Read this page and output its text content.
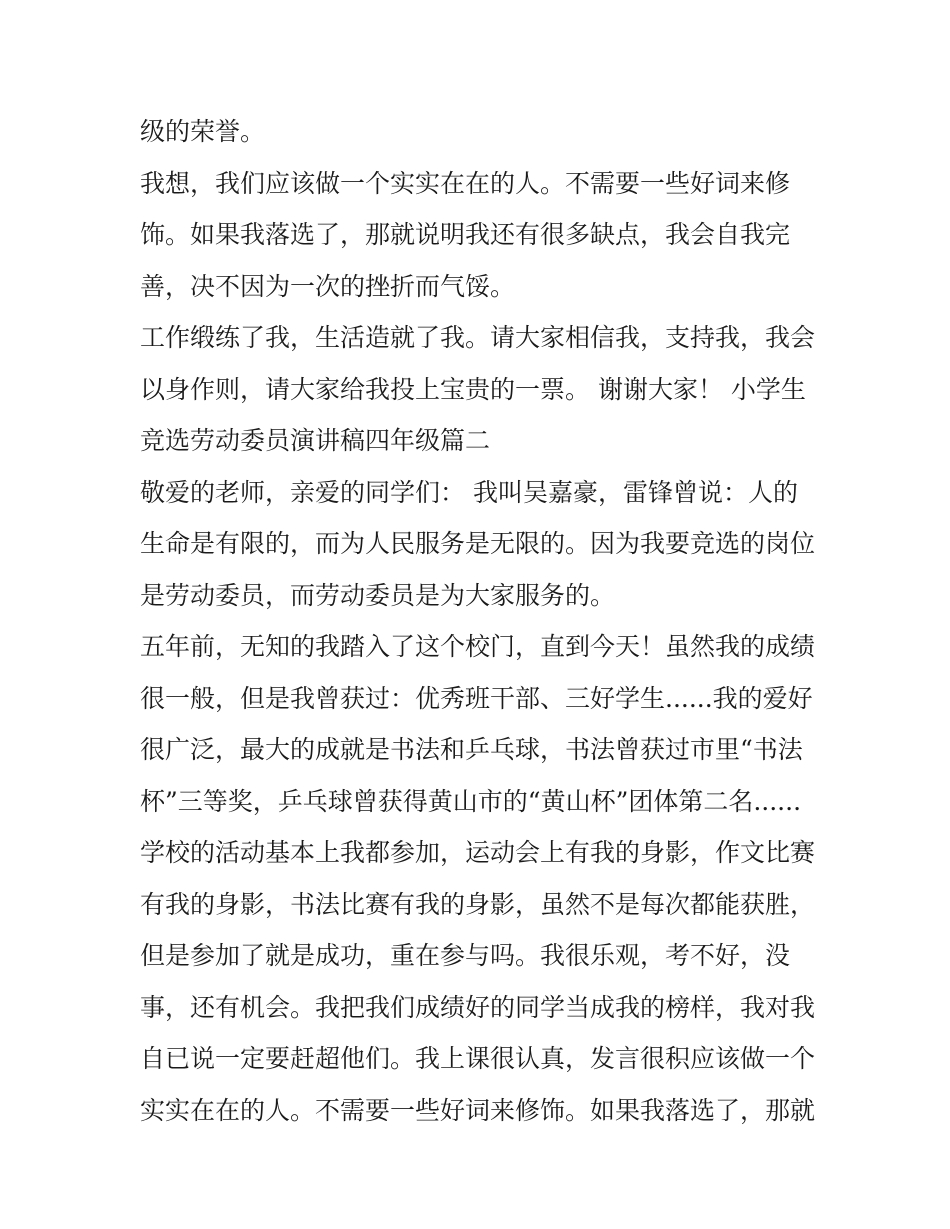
级的荣誉。
我想，我们应该做一个实实在在的人。不需要一些好词来修
饰。如果我落选了，那就说明我还有很多缺点，我会自我完
善，决不因为一次的挫折而气馁。
工作缎练了我，生活造就了我。请大家相信我，支持我，我会
以身作则，请大家给我投上宝贵的一票。 谢谢大家！ 小学生
竞选劳动委员演讲稿四年级篇二
敬爱的老师，亲爱的同学们： 我叫吴嘉豪，雷锋曾说：人的
生命是有限的，而为人民服务是无限的。因为我要竞选的岗位
是劳动委员，而劳动委员是为大家服务的。
五年前，无知的我踏入了这个校门，直到今天！虽然我的成绩
很一般，但是我曾获过：优秀班干部、三好学生......我的爱好
很广泛，最大的成就是书法和乒乓球，书法曾获过市里“书法
杯”三等奖，乒乓球曾获得黄山市的“黄山杯”团体第二名......
学校的活动基本上我都参加，运动会上有我的身影，作文比赛
有我的身影，书法比赛有我的身影，虽然不是每次都能获胜，
但是参加了就是成功，重在参与吗。我很乐观，考不好，没
事，还有机会。我把我们成绩好的同学当成我的榜样，我对我
自已说一定要赶超他们。我上课很认真，发言很积应该做一个
实实在在的人。不需要一些好词来修饰。如果我落选了，那就
